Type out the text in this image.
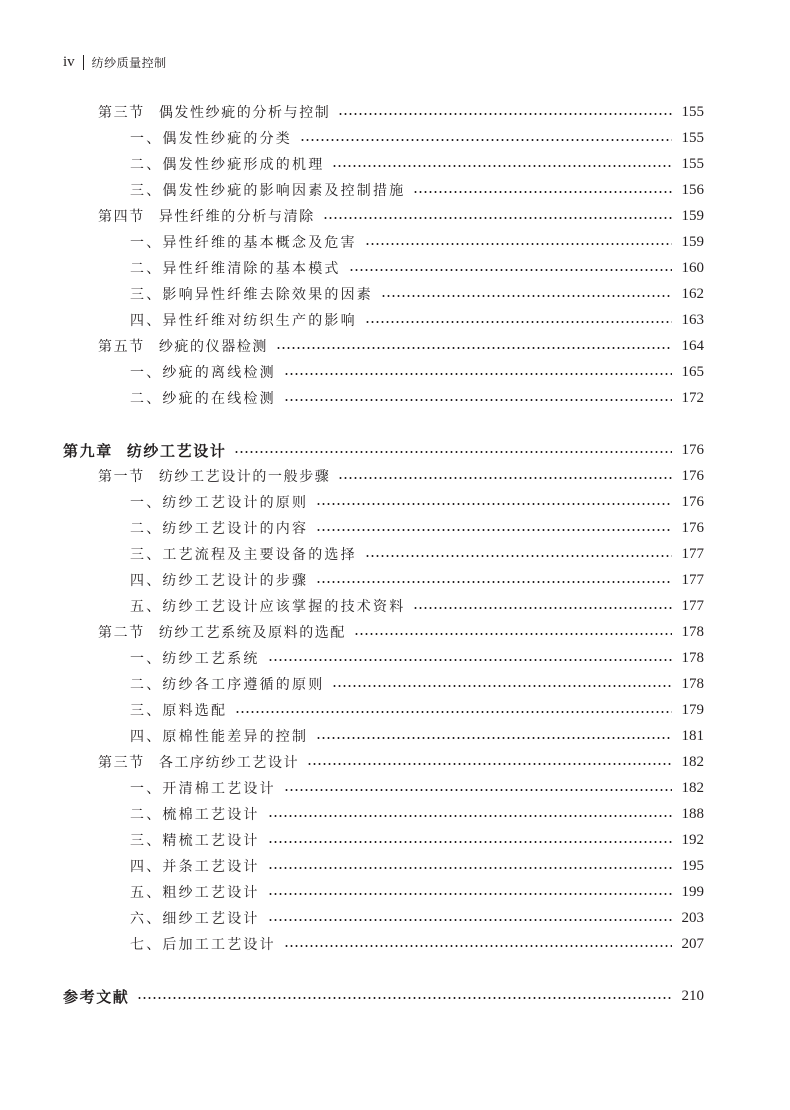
iv 纺纱质量控制
第三节 偶发性纱疵的分析与控制	155
一、偶发性纱疵的分类	155
二、偶发性纱疵形成的机理	155
三、偶发性纱疵的影响因素及控制措施	156
第四节 异性纤维的分析与清除	159
一、异性纤维的基本概念及危害	159
二、异性纤维清除的基本模式	160
三、影响异性纤维去除效果的因素	162
四、异性纤维对纺织生产的影响	163
第五节 纱疵的仪器检测	164
一、纱疵的离线检测	165
二、纱疵的在线检测	172
第九章 纺纱工艺设计	176
第一节 纺纱工艺设计的一般步骤	176
一、纺纱工艺设计的原则	176
二、纺纱工艺设计的内容	176
三、工艺流程及主要设备的选择	177
四、纺纱工艺设计的步骤	177
五、纺纱工艺设计应该掌握的技术资料	177
第二节 纺纱工艺系统及原料的选配	178
一、纺纱工艺系统	178
二、纺纱各工序遵循的原则	178
三、原料选配	179
四、原棉性能差异的控制	181
第三节 各工序纺纱工艺设计	182
一、开清棉工艺设计	182
二、梳棉工艺设计	188
三、精梳工艺设计	192
四、并条工艺设计	195
五、粗纱工艺设计	199
六、细纱工艺设计	203
七、后加工工艺设计	207
参考文献	210
